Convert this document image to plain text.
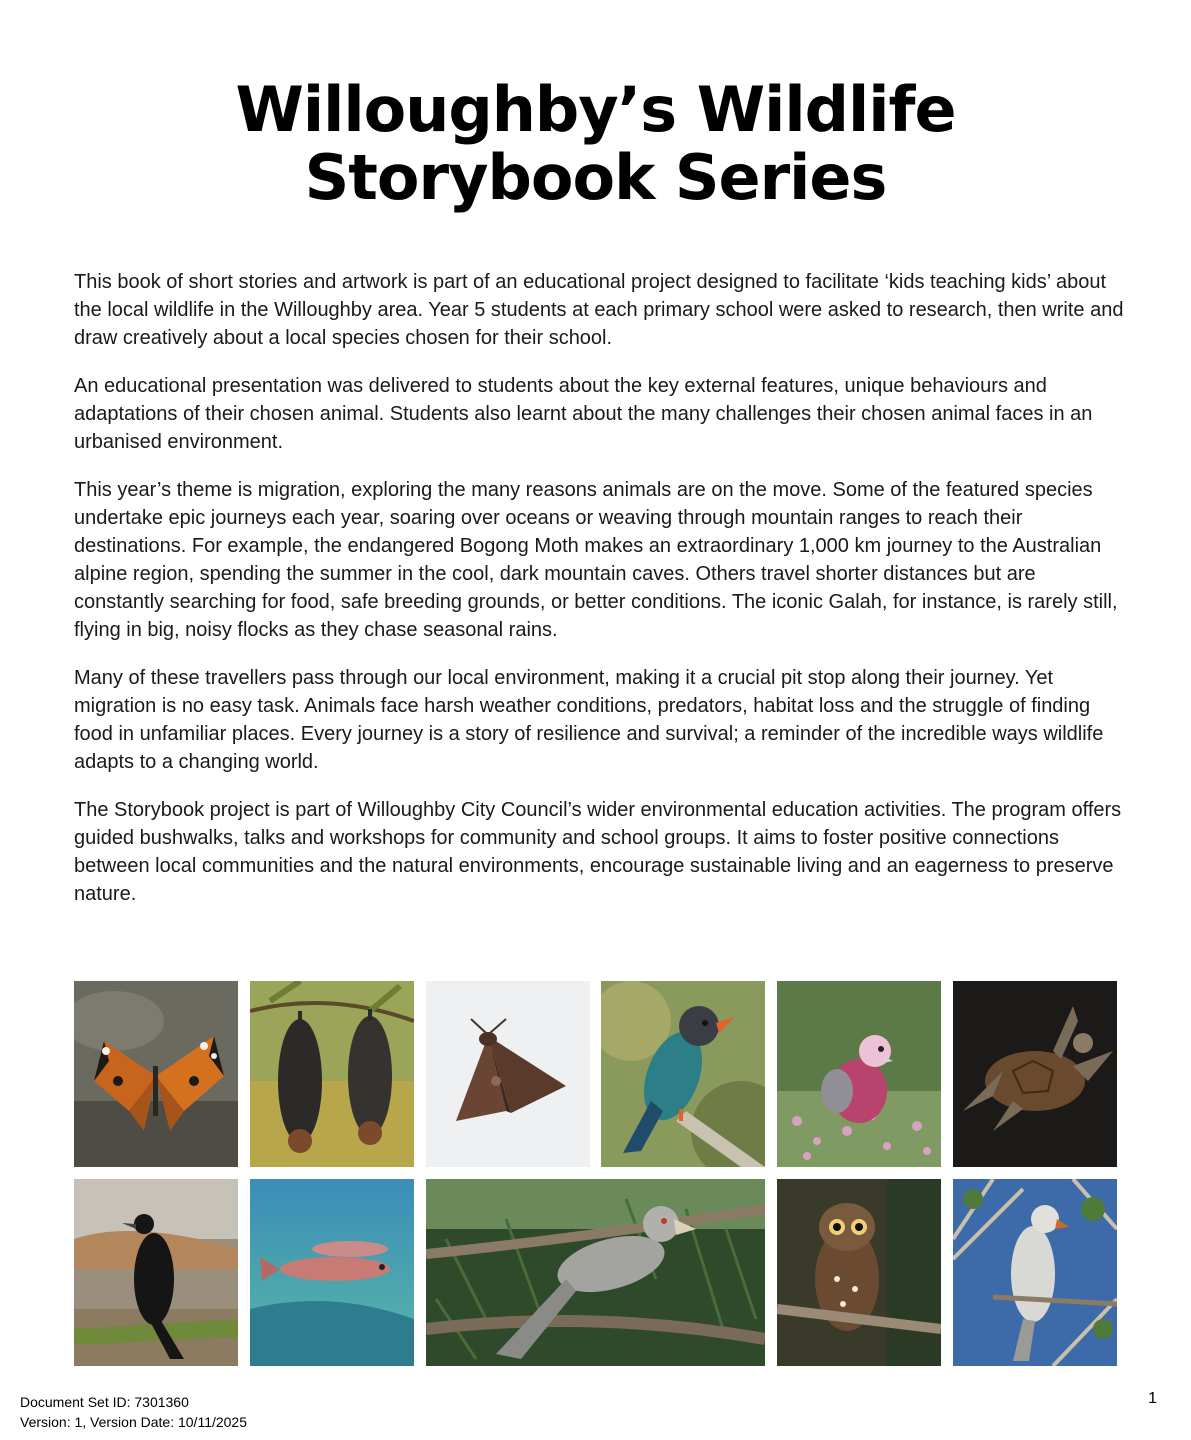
Willoughby’s Wildlife
Storybook Series

This book of short stories and artwork is part of an educational project designed to facilitate ‘kids teaching kids’ about the local wildlife in the Willoughby area. Year 5 students at each primary school were asked to research, then write and draw creatively about a local species chosen for their school.

An educational presentation was delivered to students about the key external features, unique behaviours and adaptations of their chosen animal. Students also learnt about the many challenges their chosen animal faces in an urbanised environment.

This year’s theme is migration, exploring the many reasons animals are on the move. Some of the featured species undertake epic journeys each year, soaring over oceans or weaving through mountain ranges to reach their destinations. For example, the endangered Bogong Moth makes an extraordinary 1,000 km journey to the Australian alpine region, spending the summer in the cool, dark mountain caves. Others travel shorter distances but are constantly searching for food, safe breeding grounds, or better conditions. The iconic Galah, for instance, is rarely still, flying in big, noisy flocks as they chase seasonal rains.

Many of these travellers pass through our local environment, making it a crucial pit stop along their journey. Yet migration is no easy task. Animals face harsh weather conditions, predators, habitat loss and the struggle of finding food in unfamiliar places. Every journey is a story of resilience and survival; a reminder of the incredible ways wildlife adapts to a changing world.

The Storybook project is part of Willoughby City Council’s wider environmental education activities. The program offers guided bushwalks, talks and workshops for community and school groups. It aims to foster positive connections between local communities and the natural environments, encourage sustainable living and an eagerness to preserve nature.

Document Set ID: 7301360
Version: 1, Version Date: 10/11/2025
1
